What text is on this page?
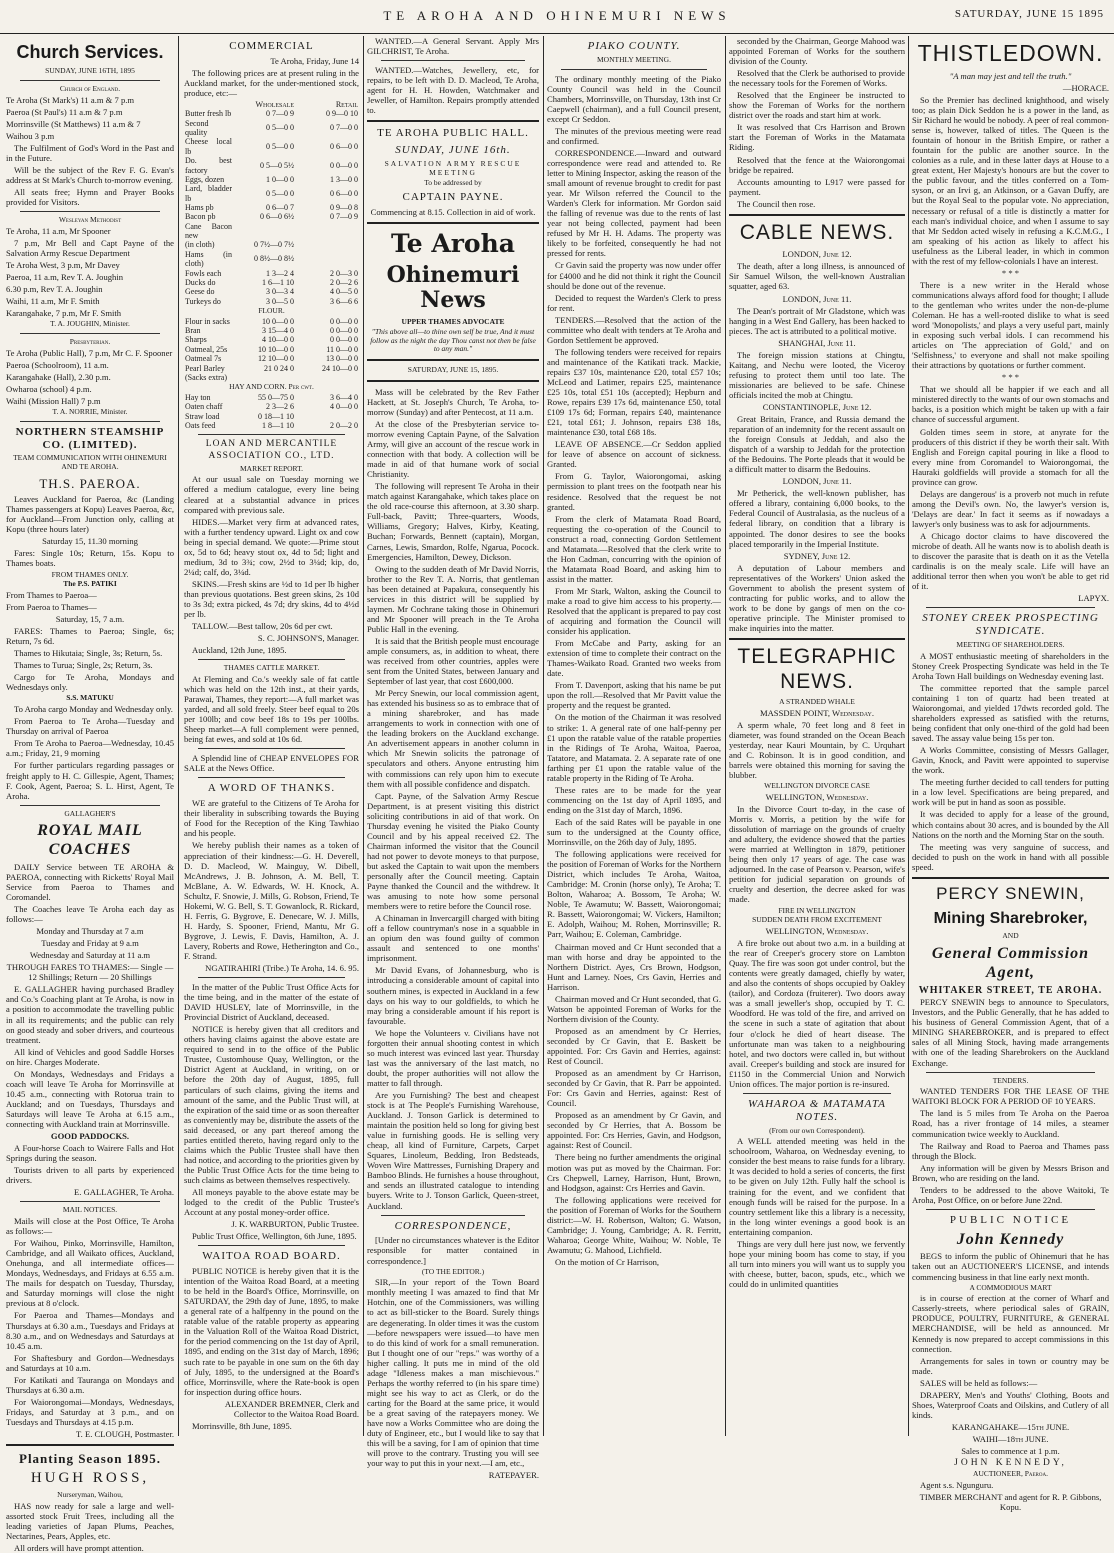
TE AROHA AND OHINEMURI NEWS	SATURDAY, JUNE 15 1895
Church Services.
SUNDAY, JUNE 16TH, 1895
Church of England.

Te Aroha (St Mark's) 11 a.m & 7 p.m

Paeroa (St Paul's) 11 a.m & 7 p.m

Morrinsville (St Matthews) 11 a.m & 7

Waihou 3 p.m

The Fulfilment of God's Word in the Past and in the Future.

Will be the subject of the Rev F. G. Evan's address at St Mark's Church to-morrow evening.

All seats free; Hymn and Prayer Books provided for Visitors.

Wesleyan Methodist

Te Aroha, 11 a.m, Mr Spooner

7 p.m, Mr Bell and Capt Payne of the Salvation Army Rescue Department

Te Aroha West, 3 p.m, Mr Davey

Paeroa, 11 a.m, Rev T. A. Joughin

6.30 p.m, Rev T. A. Joughin

Waihi, 11 a.m, Mr F. Smith

Karangahake, 7 p.m, Mr F. Smith

T. A. JOUGHIN, Minister.
Presbyterian.

Te Aroha (Public Hall), 7 p.m, Mr C. F. Spooner

Paeroa (Schoolroom), 11 a.m.

Karangahake (Hall), 2.30 p.m.

Owharoa (school) 4 p.m.

Waihi (Mission Hall) 7 p.m

T. A. NORRIE, Minister.
NORTHERN STEAMSHIP CO. (LIMITED).
TEAM COMMUNICATION WITH OHINEMURI AND TE AROHA.
TH.S. PAEROA.

Leaves Auckland for Paeroa, &c (Landing Thames passengers at Kopu) Leaves Paeroa, &c, for Auckland—From Junction only, calling at Kopu (three hours later)

Saturday 15, 11.30 morning

Fares: Single 10s; Return, 15s. Kopu to Thames boats.

FROM THAMES ONLY.
The P.S. PATIKI

From Thames to Paeroa—

From Paeroa to Thames—

Saturday, 15, 7 a.m.

FARES: Thames to Paeroa; Single, 6s; Return, 7s 6d.

Thames to Hikutaia; Single, 3s; Return, 5s.

Thames to Turua; Single, 2s; Return, 3s.

Cargo for Te Aroha, Mondays and Wednesdays only.

S.S. MATUKU

To Aroha cargo Monday and Wednesday only.

From Paeroa to Te Aroha—Tuesday and Thursday on arrival of Paeroa

From Te Aroha to Paeroa—Wednesday, 10.45 a.m.; Friday, 21, 9 morning

For further particulars regarding passages or freight apply to H. C. Gillespie, Agent, Thames; F. Cook, Agent, Paeroa; S. L. Hirst, Agent, Te Aroha.

GALLAGHER'S
ROYAL MAIL COACHES

DAILY Service between TE AROHA & PAEROA, connecting with Ricketts' Royal Mail Service from Paeroa to Thames and Coromandel.

The Coaches leave Te Aroha each day as follows:—

Monday and Thursday at 7 a.m

Tuesday and Friday at 9 a.m

Wednesday and Saturday at 11 a.m

THROUGH FARES TO THAMES:— Single — 12 Shillings; Return — 20 Shillings

E. GALLAGHER having purchased Bradley and Co.'s Coaching plant at Te Aroha, is now in a position to accommodate the travelling public in all its requirements; and the public can rely on good steady and sober drivers, and courteous treatment.

All kind of Vehicles and good Saddle Horses on hire. Charges Moderate.

On Mondays, Wednesdays and Fridays a coach will leave Te Aroha for Morrinsville at 10.45 a.m., connecting with Rotorua train to Auckland; and on Tuesdays, Thursdays and Saturdays will leave Te Aroha at 6.15 a.m., connecting with Auckland train at Morrinsville.

GOOD PADDOCKS.

A Four-horse Coach to Wairere Falls and Hot Springs during the season.

Tourists driven to all parts by experienced drivers.

E. GALLAGHER, Te Aroha.

MAIL NOTICES.

Mails will close at the Post Office, Te Aroha as follows:—

For Waihou, Pinko, Morrinsville, Hamilton, Cambridge, and all Waikato offices, Auckland, Onehunga, and all intermediate offices—Mondays, Wednesdays, and Fridays at 6.55 a.m. The mails for despatch on Tuesday, Thursday, and Saturday mornings will close the night previous at 8 o'clock.

For Paeroa and Thames—Mondays and Thursdays at 6.30 a.m., Tuesdays and Fridays at 8.30 a.m., and on Wednesdays and Saturdays at 10.45 a.m.

For Shaftesbury and Gordon—Wednesdays and Saturdays at 10 a.m.

For Katikati and Tauranga on Mondays and Thursdays at 6.30 a.m.

For Waiorongomai—Mondays, Wednesdays, Fridays, and Saturday at 3 p.m., and on Tuesdays and Thursdays at 4.15 p.m.

T. E. CLOUGH, Postmaster.

Planting Season 1895.
HUGH ROSS,
Nurseryman, Waihou,

HAS now ready for sale a large and well-assorted stock Fruit Trees, including all the leading varieties of Japan Plums, Peaches, Nectarines, Pears, Apples, etc.

All orders will have prompt attention.

COMMERCIAL

Te Aroha, Friday, June 14

The following prices are at present ruling in the Auckland market, for the under-mentioned stock, produce, etc:—

	Wholesale	Retail
Butter fresh lb	0 7—0 9	0 9—0 10
Second quality	0 5—0 0	0 7—0 0
Cheese local lb	0 5—0 0	0 6—0 0
Do. best factory	0 5—0 5½	0 0—0 0
Eggs, dozen	1 0—0 0	1 3—0 0
Lard, bladder lb	0 5—0 0	0 6—0 0
Hams pb	0 6—0 7	0 9—0 8
Bacon pb	0 6—0 6½	0 7—0 9
Cane Bacon new		
(in cloth)	0 7½—0 7½	
Hams (in cloth)	0 8½—0 8½	
Fowls each	1 3—2 4	2 0—3 0
Ducks do	1 6—1 10	2 0—2 6
Geese do	3 0—3 4	4 0—5 0
Turkeys do	3 0—5 0	3 6—6 6
FLOUR.
Flour in sacks	10 0—0 0	0 0—0 0
Bran	3 15—4 0	0 0—0 0
Sharps	4 10—0 0	0 0—0 0
Oatmeal, 25s	10 10—0 0	11 0—0 0
Oatmeal 7s	12 10—0 0	13 0—0 0
Pearl Barley	21 0 24 0	24 10—0 0
(Sacks extra)		
HAY AND CORN. Per cwt.
Hay ton	55 0—75 0	3 6—4 0
Oaten chaff	2 3—2 6	4 0—0 0
Straw load	0 18—1 10	
Oats feed	1 8—1 10	2 0—2 0
LOAN AND MERCANTILE ASSOCIATION CO., LTD.
MARKET REPORT.

At our usual sale on Tuesday morning we offered a medium catalogue, every line being cleared at a substantial advance in prices compared with previous sale.

HIDES.—Market very firm at advanced rates, with a further tendency upward. Light ox and cow being in special demand. We quote:—Prime stout ox, 5d to 6d; heavy stout ox, 4d to 5d; light and medium, 3d to 3¾; cow, 2½d to 3¼d; kip, do, 2¼d; calf, do, 3¼d.

SKINS.—Fresh skins are ½d to 1d per lb higher than previous quotations. Best green skins, 2s 10d to 3s 3d; extra picked, 4s 7d; dry skins, 4d to 4½d per lb.

TALLOW.—Best tallow, 20s 6d per cwt.

S. C. JOHNSON'S, Manager.

Auckland, 12th June, 1895.

THAMES CATTLE MARKET.

At Fleming and Co.'s weekly sale of fat cattle which was held on the 12th inst., at their yards, Parawai, Thames, they report:—A full market was yarded, and all sold freely. Steer beef equal to 20s per 100lb; and cow beef 18s to 19s per 100lbs. Sheep market—A full complement were penned, being fat ewes, and sold at 10s 6d.

A Splendid line of CHEAP ENVELOPES FOR SALE at the News Office.

A WORD OF THANKS.

WE are grateful to the Citizens of Te Aroha for their liberality in subscribing towards the Buying of Food for the Reception of the King Tawhiao and his people.

We hereby publish their names as a token of appreciation of their kindness:—G. H. Deverell, D. D. Macleod, W. Mainguy, W. Dibell, McAndrews, J. B. Johnson, A. M. Bell, T. McBlane, A. W. Edwards, W. H. Knock, A. Schultz, F. Snowie, J. Mills, G. Robson, Friend, Te Hokemi, W. G. Bell, S. T. Gowanlock, R. Rickard, H. Ferris, G. Bygrove, E. Denecare, W. J. Mills, H. Hardy, S. Spooner, Friend, Mantu, Mr G. Bygrove, J. Lewis, F. Davis, Hamilton, A. J. Lavery, Roberts and Rowe, Hetherington and Co., F. Strand.

NGATIRAHIRI (Tribe.) Te Aroha, 14. 6. 95.

In the matter of the Public Trust Office Acts for the time being, and in the matter of the estate of DAVID HUSLEY, late of Morrinsville, in the Provincial District of Auckland, deceased.

NOTICE is hereby given that all creditors and others having claims against the above estate are required to send in to the office of the Public Trustee, Customhouse Quay, Wellington, or the District Agent at Auckland, in writing, on or before the 20th day of August, 1895, full particulars of such claims, giving the items and amount of the same, and the Public Trust will, at the expiration of the said time or as soon thereafter as conveniently may be, distribute the assets of the said deceased, or any part thereof among the parties entitled thereto, having regard only to the claims which the Public Trustee shall have then had notice, and according to the priorities given by the Public Trust Office Acts for the time being to such claims as between themselves respectively.

All moneys payable to the above estate may be lodged to the credit of the Public Trustee's Account at any postal money-order office.

J. K. WARBURTON, Public Trustee.

Public Trust Office, Wellington, 6th June, 1895.

WAITOA ROAD BOARD.

PUBLIC NOTICE is hereby given that it is the intention of the Waitoa Road Board, at a meeting to be held in the Board's Office, Morrinsville, on SATURDAY, the 29th day of June, 1895, to make a general rate of a halfpenny in the pound on the ratable value of the ratable property as appearing in the Valuation Roll of the Waitoa Road District, for the period commencing on the 1st day of April, 1895, and ending on the 31st day of March, 1896; such rate to be payable in one sum on the 6th day of July, 1895, to the undersigned at the Board's office, Morrinsville, where the Rate-book is open for inspection during office hours.

ALEXANDER BREMNER, Clerk and Collector to the Waitoa Road Board.

Morrinsville, 8th June, 1895.

WANTED.—A General Servant. Apply Mrs GILCHRIST, Te Aroha.

WANTED.—Watches, Jewellery, etc, for repairs, to be left with D. D. Macleod, Te Aroha, agent for H. H. Howden, Watchmaker and Jeweller, of Hamilton. Repairs promptly attended to.

TE AROHA PUBLIC HALL.
SUNDAY, JUNE 16th.
SALVATION ARMY RESCUE MEETING
To be addressed by
CAPTAIN PAYNE.

Commencing at 8.15. Collection in aid of work.

Te Aroha
Ohinemuri News
UPPER THAMES ADVOCATE
"This above all—to thine own self be true, And it must follow as the night the day Thou canst not then be false to any man."
SATURDAY, JUNE 15, 1895.

Mass will be celebrated by the Rev Father Hackett, at St. Joseph's Church, Te Aroha, to-morrow (Sunday) and after Pentecost, at 11 a.m.

At the close of the Presbyterian service to-morrow evening Captain Payne, of the Salvation Army, will give an account of the rescue work in connection with that body. A collection will be made in aid of that humane work of social Christianity.

The following will represent Te Aroha in their match against Karangahake, which takes place on the old race-course this afternoon, at 3.30 sharp. Full-back, Pavitt; Three-quarters, Woods, Williams, Gregory; Halves, Kirby, Keating, Buchan; Forwards, Bennett (captain), Morgan, Carnes, Lewis, Smardon, Rolfe, Ngarua, Pocock. Emergencies, Hamilton, Dewey, Dickson.

Owing to the sudden death of Mr David Norris, brother to the Rev T. A. Norris, that gentleman has been detained at Papakura, consequently his services in this district will be supplied by laymen. Mr Cochrane taking those in Ohinemuri and Mr Spooner will preach in the Te Aroha Public Hall in the evening.

It is said that the British people must encourage ample consumers, as, in addition to wheat, there was received from other countries, apples were sent from the United States, between January and September of last year, that cost £600,000.

Mr Percy Snewin, our local commission agent, has extended his business so as to embrace that of a mining sharebroker, and has made arrangements to work in connection with one of the leading brokers on the Auckland exchange. An advertisement appears in another column in which Mr Snewin solicits the patronage of speculators and others. Anyone entrusting him with commissions can rely upon him to execute them with all possible confidence and dispatch.

Capt. Payne, of the Salvation Army Rescue Department, is at present visiting this district soliciting contributions in aid of that work. On Thursday evening he visited the Piako County Council and by his appeal received £2. The Chairman informed the visitor that the Council had not power to devote moneys to that purpose, but asked the Captain to wait upon the members personally after the Council meeting. Captain Payne thanked the Council and the withdrew. It was amusing to note how some personal members were to retire before the Council rose.

A Chinaman in Invercargill charged with biting off a fellow countryman's nose in a squabble in an opium den was found guilty of common assault and sentenced to one months' imprisonment.

Mr David Evans, of Johannesburg, who is introducing a considerable amount of capital into southern mines, is expected in Auckland in a few days on his way to our goldfields, to which he may bring a considerable amount if his report is favourable.

We hope the Volunteers v. Civilians have not forgotten their annual shooting contest in which so much interest was evinced last year. Thursday last was the anniversary of the last match, no doubt, the proper authorities will not allow the matter to fall through.

Are you Furnishing? The best and cheapest stock is at The People's Furnishing Warehouse, Auckland. J. Tonson Garlick is determined to maintain the position held so long for giving best value in furnishing goods. He is selling very cheap, all kind of Furniture, Carpets, Carpet Squares, Linoleum, Bedding, Iron Bedsteads, Woven Wire Mattresses, Furnishing Drapery and Bamboo Blinds. He furnishes a house throughout, and sends an illustrated catalogue to intending buyers. Write to J. Tonson Garlick, Queen-street, Auckland.

CORRESPONDENCE,

[Under no circumstances whatever is the Editor responsible for matter contained in correspondence.]

(TO THE EDITOR.)

SIR,—In your report of the Town Board monthly meeting I was amazed to find that Mr Hotchin, one of the Commissioners, was willing to act as bill-sticker to the Board. Surely things are degenerating. In older times it was the custom—before newspapers were issued—to have men to do this kind of work for a small remuneration. But I thought one of our "reps." was worthy of a higher calling. It puts me in mind of the old adage "Idleness makes a man mischievous." Perhaps the worthy referred to (in his spare time) might see his way to act as Clerk, or do the carting for the Board at the same price, it would be a great saving of the ratepayers money. We have now a Works Committee who are doing the duty of Engineer, etc., but I would like to say that this will be a saving, for I am of opinion that time will prove to the contrary. Trusting you will see your way to put this in your next.—I am, etc.,

RATEPAYER.

PIAKO COUNTY.
MONTHLY MEETING.

The ordinary monthly meeting of the Piako County Council was held in the Council Chambers, Morrinsville, on Thursday, 13th inst Cr Caepwell (chairman), and a full Council present, except Cr Seddon.

The minutes of the previous meeting were read and confirmed.

CORRESPONDENCE.—Inward and outward correspondence were read and attended to. Re letter to Mining Inspector, asking the reason of the small amount of revenue brought to credit for past year. Mr Wilson referred the Council to the Warden's Clerk for information. Mr Gordon said the falling of revenue was due to the rents of last year not being collected, payment had been refused by Mr H. H. Adams. The property was likely to be forfeited, consequently he had not pressed for rents.

Cr Gavin said the property was now under offer for £4000 and he did not think it right the Council should be done out of the revenue.

Decided to request the Warden's Clerk to press for rent.

TENDERS.—Resolved that the action of the committee who dealt with tenders at Te Aroha and Gordon Settlement be approved.

The following tenders were received for repairs and maintenance of the Katikati track. Mackie, repairs £37 10s, maintenance £20, total £57 10s; McLeod and Latimer, repairs £25, maintenance £25 10s, total £51 10s (accepted); Hepburn and Rowe, repairs £39 17s 6d, maintenance £50, total £109 17s 6d; Forman, repairs £40, maintenance £21, total £61; J. Johnson, repairs £38 18s, maintenance £30, total £68 18s.

LEAVE OF ABSENCE.—Cr Seddon applied for leave of absence on account of sickness. Granted.

From G. Taylor, Waiorongomai, asking permission to plant trees on the footpath near his residence. Resolved that the request be not granted.

From the clerk of Matamata Road Board, requesting the co-operation of the Council to construct a road, connecting Gordon Settlement and Matamata.—Resolved that the clerk write to the Hon Cadman, concurring with the opinion of the Matamata Road Board, and asking him to assist in the matter.

From Mr Stark, Walton, asking the Council to make a road to give him access to his property.—Resolved that the applicant is prepared to pay cost of acquiring and formation the Council will consider his application.

From McCabe and Party, asking for an extension of time to complete their contract on the Thames-Waikato Road. Granted two weeks from date.

From T. Davenport, asking that his name be put upon the roll.—Resolved that Mr Pavitt value the property and the request be granted.

On the motion of the Chairman it was resolved to strike: 1. A general rate of one half-penny per £1 upon the ratable value of the ratable properties in the Ridings of Te Aroha, Waitoa, Paeroa, Tatatore, and Matamata. 2. A separate rate of one farthing per £1 upon the ratable value of the ratable property in the Riding of Te Aroha.

These rates are to be made for the year commencing on the 1st day of April 1895, and ending on the 31st day of March, 1896.

Each of the said Rates will be payable in one sum to the undersigned at the County office, Morrinsville, on the 26th day of July, 1895.

The following applications were received for the position of Foreman of Works for the Northern District, which includes Te Aroha, Waitoa, Cambridge: M. Cronin (horse only), Te Aroha; T. Bolton, Waharoa; A. Bossom, Te Aroha; W. Noble, Te Awamutu; W. Bassett, Waiorongomai; R. Bassett, Waiorongomai; W. Vickers, Hamilton; E. Adolph, Waihou; M. Rohen, Morrinsville; R. Parr, Waihou; E. Coleman, Cambridge.

Chairman moved and Cr Hunt seconded that a man with horse and dray be appointed to the Northern District. Ayes, Crs Brown, Hodgson, Hunt and Larney. Noes, Crs Gavin, Herries and Harrison.

Chairman moved and Cr Hunt seconded, that G. Watson be appointed Foreman of Works for the Northern division of the County.

Proposed as an amendment by Cr Herries, seconded by Cr Gavin, that E. Baskett be appointed. For: Crs Gavin and Herries, against: Rest of Council.

Proposed as an amendment by Cr Harrison, seconded by Cr Gavin, that R. Parr be appointed. For: Crs Gavin and Herries, against: Rest of Council.

Proposed as an amendment by Cr Gavin, and seconded by Cr Herries, that A. Bossom be appointed. For: Crs Herries, Gavin, and Hodgson, against: Rest of Council.

There being no further amendments the original motion was put as moved by the Chairman. For: Crs Chepwell, Larney, Harrison, Hunt, Brown, and Hodgson, against: Crs Herries and Gavin.

The following applications were received for the position of Foreman of Works for the Southern district:—W. H. Robertson, Walton; G. Watson, Cambridge; J. Young, Cambridge; A. R. Ferritt, Waharoa; George White, Waihou; W. Noble, Te Awamutu; G. Mahood, Lichfield.

On the motion of Cr Harrison,

seconded by the Chairman, George Mahood was appointed Foreman of Works for the southern division of the County.

Resolved that the Clerk be authorised to provide the necessary tools for the Foremen of Works.

Resolved that the Engineer be instructed to show the Foreman of Works for the northern district over the roads and start him at work.

It was resolved that Crs Harrison and Brown start the Foreman of Works in the Matamata Riding.

Resolved that the fence at the Waiorongomai bridge be repaired.

Accounts amounting to L917 were passed for payment.

The Council then rose.

CABLE NEWS.

LONDON, June 12.

The death, after a long illness, is announced of Sir Samuel Wilson, the well-known Australian squatter, aged 63.

LONDON, June 11.

The Dean's portrait of Mr Gladstone, which was hanging in a West End Gallery, has been hacked to pieces. The act is attributed to a political motive.

SHANGHAI, June 11.

The foreign mission stations at Chingtu, Kaitang, and Nechu were looted, the Viceroy refusing to protect them until too late. The missionaries are believed to be safe. Chinese officials incited the mob at Chingtu.

CONSTANTINOPLE, June 12.

Great Britain, France, and Russia demand the reparation of an indemnity for the recent assault on the foreign Consuls at Jeddah, and also the dispatch of a warship to Jeddah for the protection of the Bedouins. The Porte pleads that it would be a difficult matter to disarm the Bedouins.

LONDON, June 11.

Mr Petherick, the well-known publisher, has offered a library, containing 6,000 books, to the Federal Council of Australasia, as the nucleus of a federal library, on condition that a library is appointed. The donor desires to see the books placed temporarily in the Imperial Institute.

SYDNEY, June 12.

A deputation of Labour members and representatives of the Workers' Union asked the Government to abolish the present system of contracting for public works, and to allow the work to be done by gangs of men on the co-operative principle. The Minister promised to make inquiries into the matter.

TELEGRAPHIC NEWS.
A STRANDED WHALE

MASSDEN POINT, Wednesday.

A sperm whale, 70 feet long and 8 feet in diameter, was found stranded on the Ocean Beach yesterday, near Kauri Mountain, by C. Urquhart and C. Robinson. It is in good condition, and barrels were obtained this morning for saving the blubber.

WELLINGTON DIVORCE CASE

WELLINGTON, Wednesday.

In the Divorce Court to-day, in the case of Morris v. Morris, a petition by the wife for dissolution of marriage on the grounds of cruelty and adultery, the evidence showed that the parties were married at Wellington in 1879, petitioner being then only 17 years of age. The case was adjourned. In the case of Pearson v. Pearson, wife's petition for judicial separation on grounds of cruelty and desertion, the decree asked for was made.

FIRE IN WELLINGTON
SUDDEN DEATH FROM EXCITEMENT

WELLINGTON, Wednesday.

A fire broke out about two a.m. in a building at the rear of Creeper's grocery store on Lambton Quay. The fire was soon got under control, but the contents were greatly damaged, chiefly by water, and also the contents of shops occupied by Oakley (tailor), and Cordoza (fruiterer). Two doors away was a small jeweller's shop, occupied by T. C. Woodford. He was told of the fire, and arrived on the scene in such a state of agitation that about four o'clock he died of heart disease. The unfortunate man was taken to a neighbouring hotel, and two doctors were called in, but without avail. Creeper's building and stock are insured for £1150 in the Commercial Union and Norwich Union offices. The major portion is re-insured.

WAHAROA & MATAMATA NOTES.
(From our own Correspondent).

A WELL attended meeting was held in the schoolroom, Waharoa, on Wednesday evening, to consider the best means to raise funds for a library. It was decided to hold a series of concerts, the first to be given on July 12th. Fully half the school is training for the event, and we confident that enough funds will be raised for the purpose. In a country settlement like this a library is a necessity, in the long winter evenings a good book is an entertaining companion.

Things are very dull here just now, we fervently hope your mining boom has come to stay, if you all turn into miners you will want us to supply you with cheese, butter, bacon, spuds, etc., which we could do in unlimited quantities

THISTLEDOWN.

"A man may jest and tell the truth."

—HORACE.

So the Premier has declined knighthood, and wisely too; as plain Dick Seddon he is a power in the land, as Sir Richard he would be nobody. A peer of real common-sense is, however, talked of titles. The Queen is the fountain of honour in the British Empire, or rather a fountain for the public are another source. In the colonies as a rule, and in these latter days at House to a great extent, Her Majesty's honours are but the cover to the public favour, and the titles conferred on a Tom-syson, or an Irvi g, an Atkinson, or a Gavan Duffy, are but the Royal Seal to the popular vote. No appreciation, necessary or refusal of a title is distinctly a matter for each man's individual choice, and when I assume to say that Mr Seddon acted wisely in refusing a K.C.M.G., I am speaking of his action as likely to affect his usefulness as the Liberal leader, in which in common with the rest of my fellow-colonials I have an interest.

* * *

There is a new writer in the Herald whose communications always afford food for thought; I allude to the gentleman who writes under the non-de-plume Coleman. He has a well-rooted dislike to what is seed word 'Monopolists,' and plays a very useful part, mainly in exposing such verbal idols. I can recommend his articles on 'The appreciation of Gold,' and on 'Selfishness,' to everyone and shall not make spoiling their attractions by quotations or further comment.

* * *

That we should all be happier if we each and all ministered directly to the wants of our own stomachs and backs, is a position which might be taken up with a fair chance of successful argument.

Golden times seem in store, at anyrate for the producers of this district if they be worth their salt. With English and Foreign capital pouring in like a flood to every mine from Coromandel to Waiorongomai, the Hauraki goldfields will provide a stomach for all the province can grow.

Delays are dangerous' is a proverb not much in refute among the Devil's own. No, the lawyer's version is, 'Delays are dear.' In fact it seems as if nowadays a lawyer's only business was to ask for adjournments.

A Chicago doctor claims to have discovered the microbe of death. All he wants now is to abolish death is to discover the parasite that is death on it as the Vetella cardinalis is on the mealy scale. Life will have an additional terror then when you won't be able to get rid of it.

LAPYX.

STONEY CREEK PROSPECTING SYNDICATE.
MEETING OF SHAREHOLDERS.

A MOST enthusiastic meeting of shareholders in the Stoney Creek Prospecting Syndicate was held in the Te Aroha Town Hall buildings on Wednesday evening last.

The committee reported that the sample parcel containing 1 ton of quartz had been treated at Waiorongomai, and yielded 17dwts recorded gold. The shareholders expressed as satisfied with the returns, being confident that only one-third of the gold had been saved. The assay value being 15s per ton.

A Works Committee, consisting of Messrs Gallager, Gavin, Knock, and Pavitt were appointed to supervise the work.

The meeting further decided to call tenders for putting in a low level. Specifications are being prepared, and work will be put in hand as soon as possible.

It was decided to apply for a lease of the ground, which contains about 30 acres, and is bounded by the All Nations on the north and the Morning Star on the south.

The meeting was very sanguine of success, and decided to push on the work in hand with all possible speed.

PERCY SNEWIN,
Mining Sharebroker,
AND
General Commission Agent,
WHITAKER STREET, TE AROHA.

PERCY SNEWIN begs to announce to Speculators, Investors, and the Public Generally, that he has added to his business of General Commission Agent, that of a MINING SHAREBROKER, and is prepared to effect sales of all Mining Stock, having made arrangements with one of the leading Sharebrokers on the Auckland Exchange.

TENDERS.

WANTED TENDERS FOR THE LEASE OF THE WAITOKI BLOCK FOR A PERIOD OF 10 YEARS.

The land is 5 miles from Te Aroha on the Paeroa Road, has a river frontage of 14 miles, a steamer communication twice weekly to Auckland.

The Railway and Road to Paeroa and Thames pass through the Block.

Any information will be given by Messrs Brison and Brown, who are residing on the land.

Tenders to be addressed to the above Waitoki, Te Aroha, Post Office, on or before June 22nd.

PUBLIC NOTICE
John Kennedy

BEGS to inform the public of Ohinemuri that he has taken out an AUCTIONEER'S LICENSE, and intends commencing business in that line early next month.

A COMMODIOUS MART

is in course of erection at the corner of Wharf and Casserly-streets, where periodical sales of GRAIN, PRODUCE, POULTRY, FURNITURE, & GENERAL MERCHANDISE, will be held as announced. Mr Kennedy is now prepared to accept commissions in this connection.

Arrangements for sales in town or country may be made.

SALES will be held as follows:—

DRAPERY, Men's and Youths' Clothing, Boots and Shoes, Waterproof Coats and Oilskins, and Cutlery of all kinds.

KARANGAHAKE—15th JUNE.

WAIHI—18th JUNE.

Sales to commence at 1 p.m.

JOHN KENNEDY,
AUCTIONEER, Paeroa.

Agent s.s. Ngunguru.

TIMBER MERCHANT and agent for R. P. Gibbons, Kopu.
